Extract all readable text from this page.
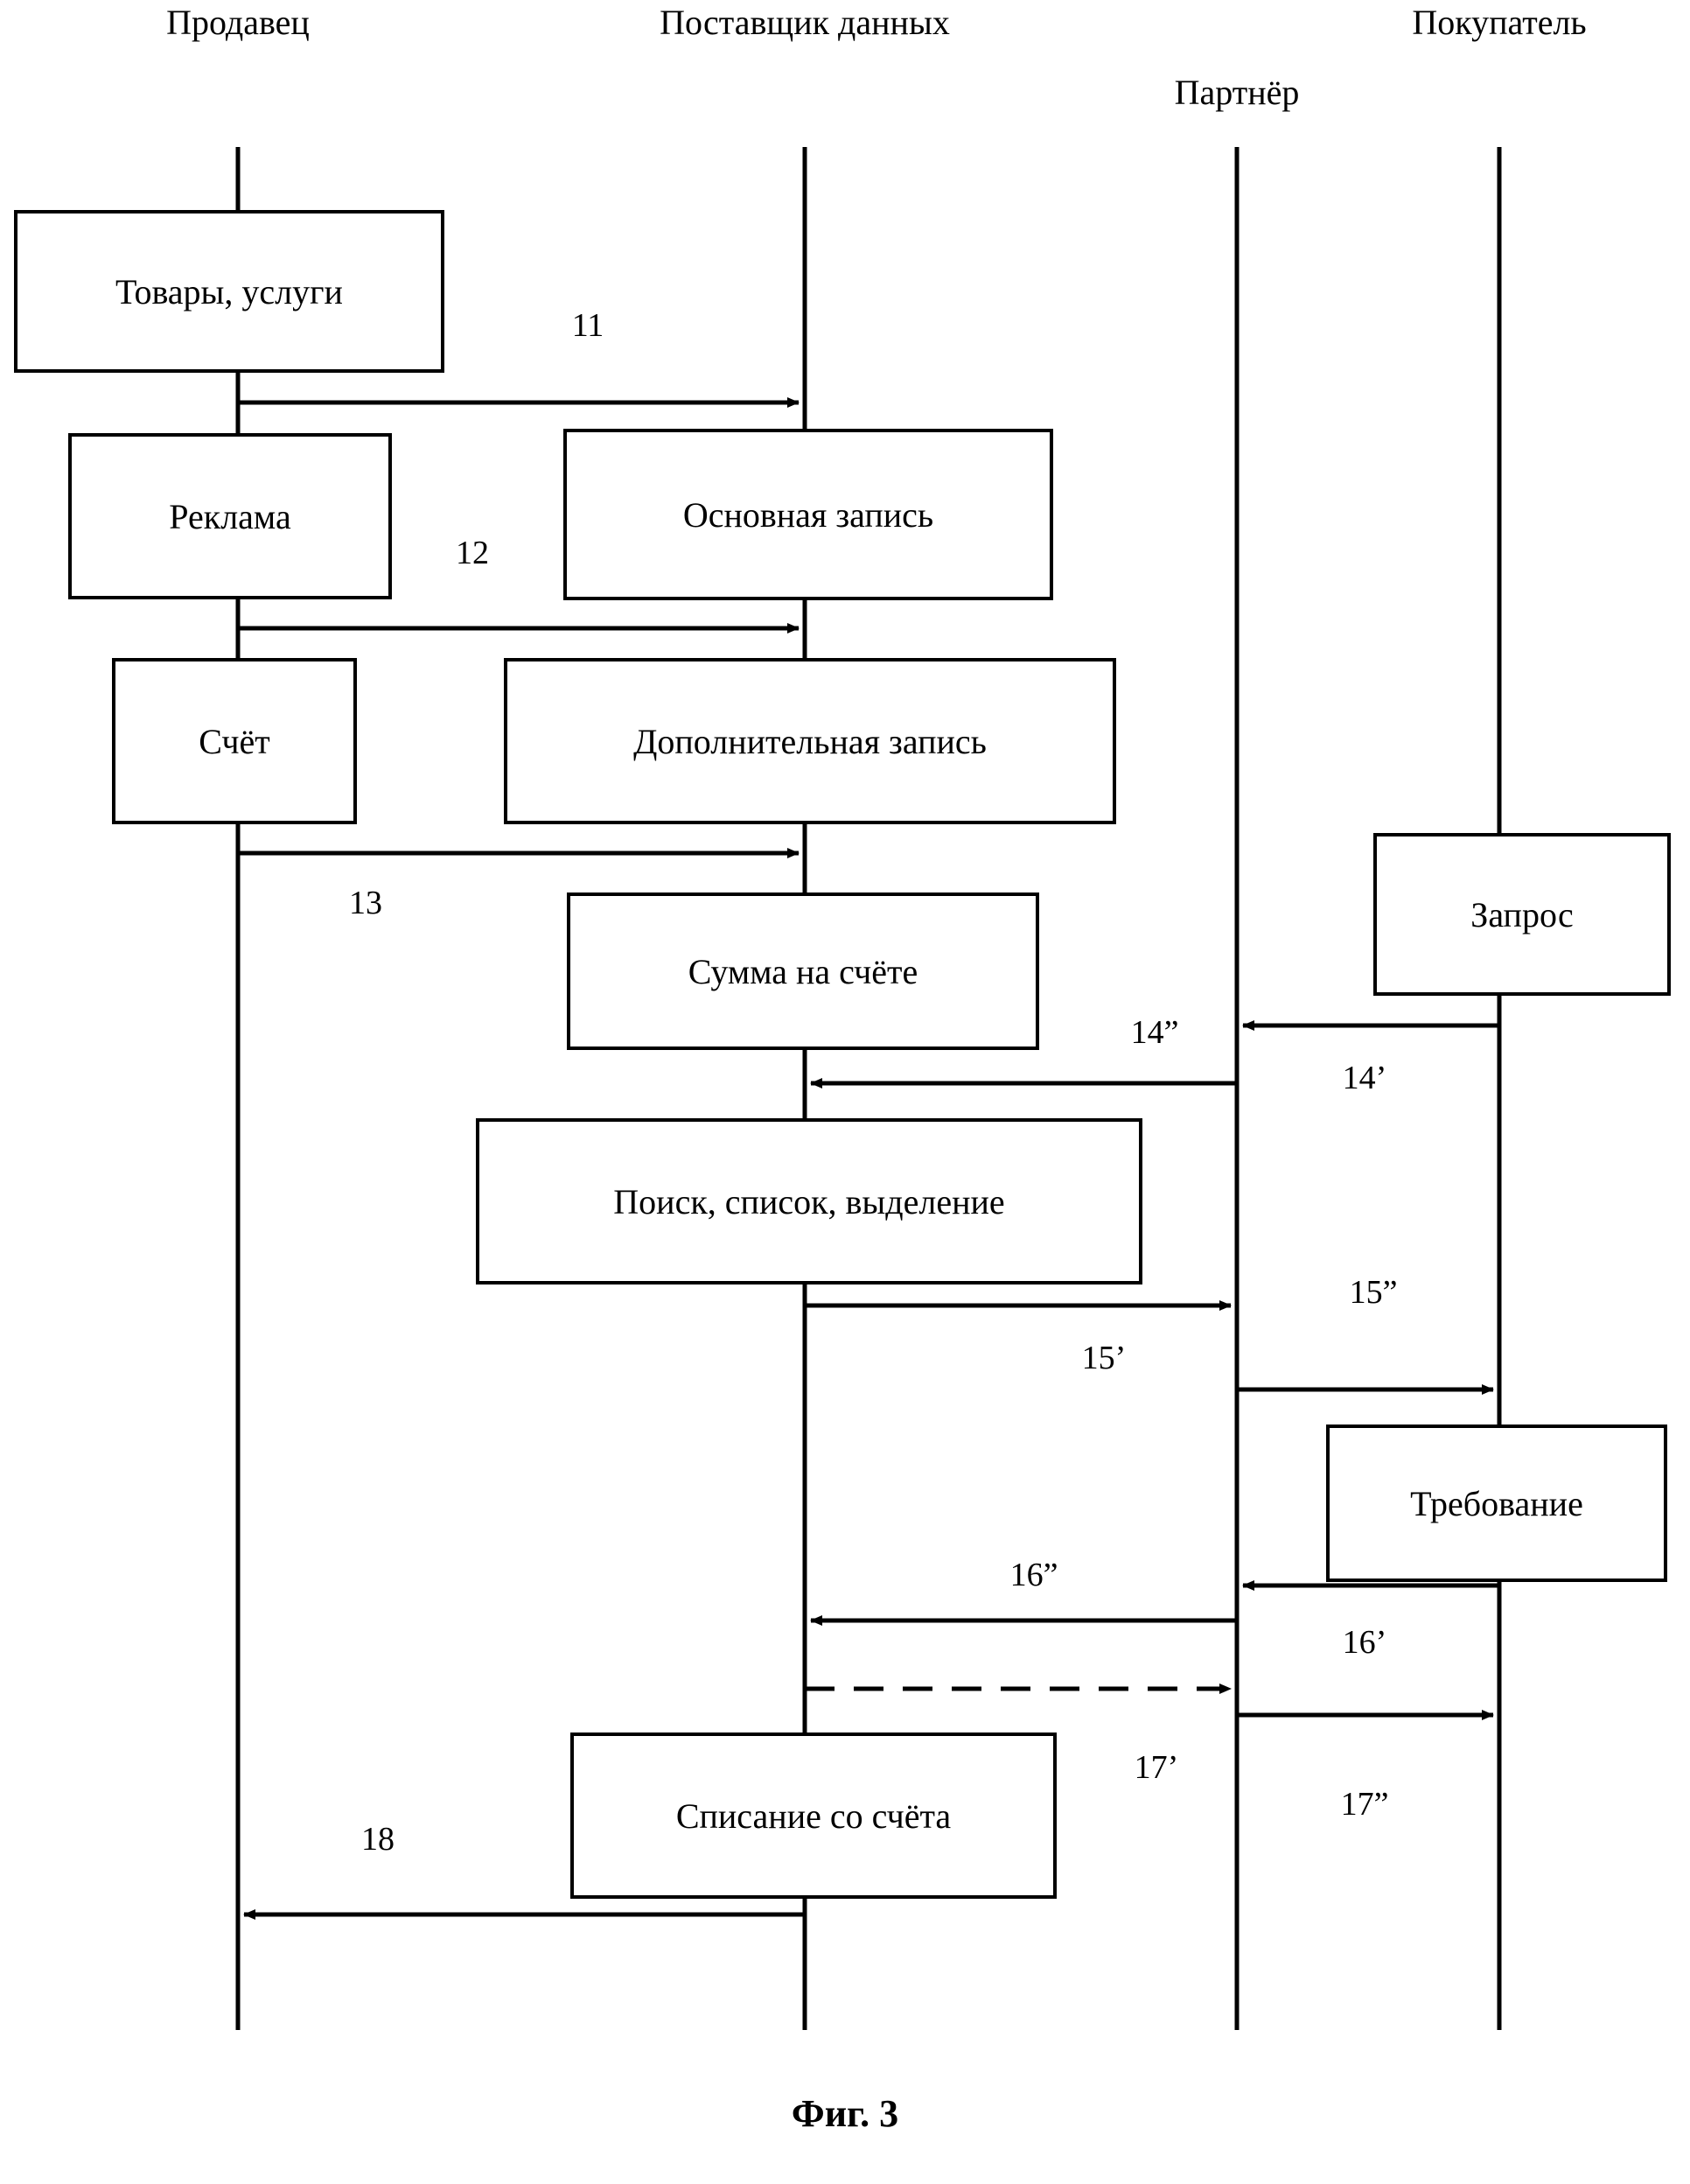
Продавец	Поставщик данных
Партнёр
Покупатель
Товары, услуги
Реклама	Основная запись
Счёт	Дополнительная запись
Сумма на счёте
Запрос
Поиск, список, выделение
Требование
Списание со счёта
11
12
13
14’
14”
15’
15”
16”
16’
17’
17”
18
Фиг. 3
